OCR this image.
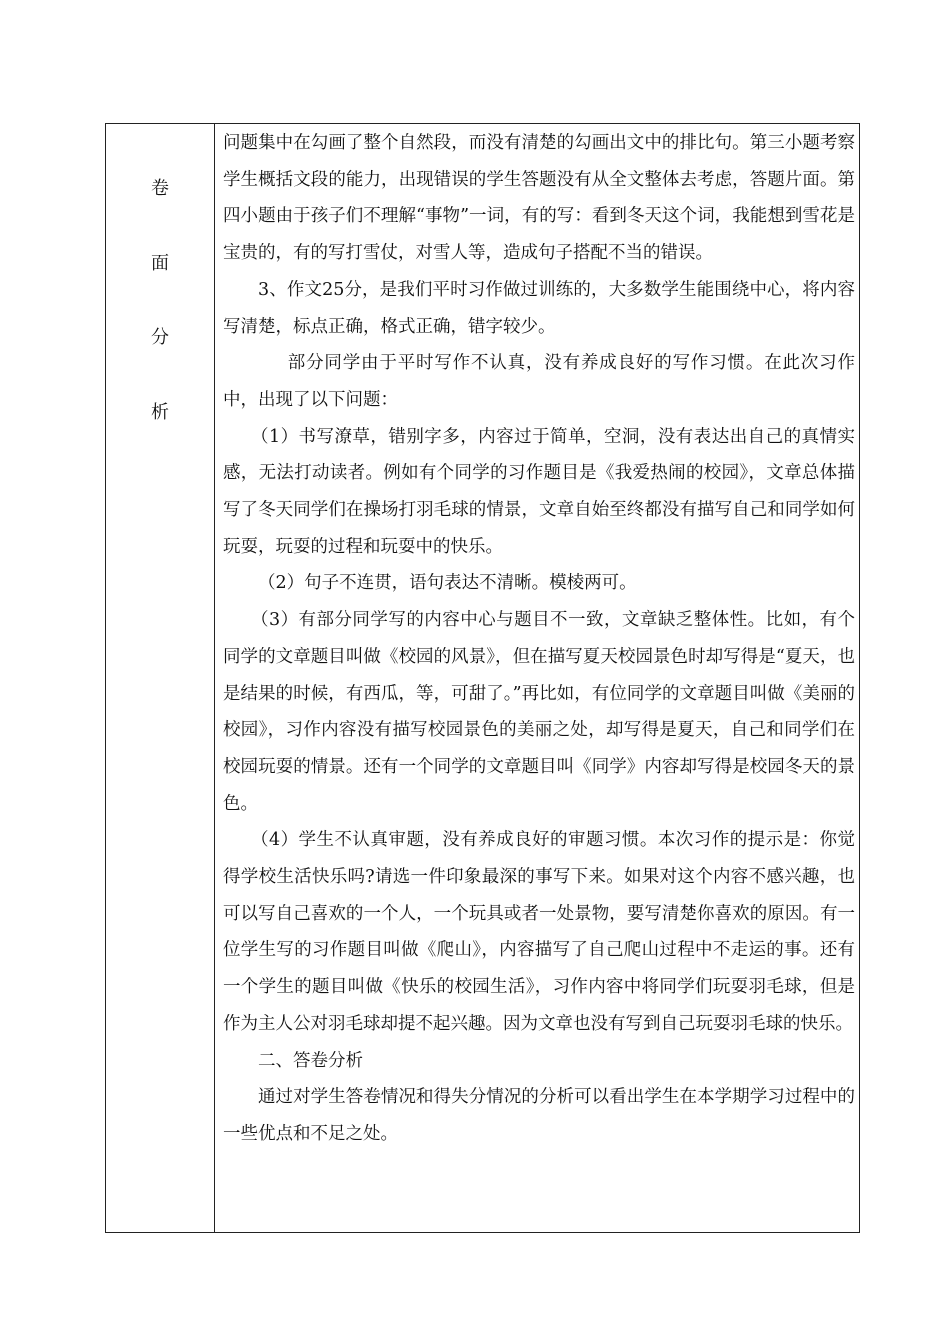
卷
面
分
析

问题集中在勾画了整个自然段，而没有清楚的勾画出文中的排比句。第三小题考察学生概括文段的能力，出现错误的学生答题没有从全文整体去考虑，答题片面。第四小题由于孩子们不理解“事物”一词，有的写：看到冬天这个词，我能想到雪花是宝贵的，有的写打雪仗，对雪人等，造成句子搭配不当的错误。

3、作文25分，是我们平时习作做过训练的，大多数学生能围绕中心，将内容写清楚，标点正确，格式正确，错字较少。

部分同学由于平时写作不认真，没有养成良好的写作习惯。在此次习作中，出现了以下问题：

（1）书写潦草，错别字多，内容过于简单，空洞，没有表达出自己的真情实感，无法打动读者。例如有个同学的习作题目是《我爱热闹的校园》，文章总体描写了冬天同学们在操场打羽毛球的情景，文章自始至终都没有描写自己和同学如何玩耍，玩耍的过程和玩耍中的快乐。

（2）句子不连贯，语句表达不清晰。模棱两可。

（3）有部分同学写的内容中心与题目不一致，文章缺乏整体性。比如，有个同学的文章题目叫做《校园的风景》，但在描写夏天校园景色时却写得是“夏天，也是结果的时候，有西瓜，等，可甜了。”再比如，有位同学的文章题目叫做《美丽的校园》，习作内容没有描写校园景色的美丽之处，却写得是夏天，自己和同学们在校园玩耍的情景。还有一个同学的文章题目叫《同学》内容却写得是校园冬天的景色。

（4）学生不认真审题，没有养成良好的审题习惯。本次习作的提示是：你觉得学校生活快乐吗?请选一件印象最深的事写下来。如果对这个内容不感兴趣，也可以写自己喜欢的一个人，一个玩具或者一处景物，要写清楚你喜欢的原因。有一位学生写的习作题目叫做《爬山》，内容描写了自己爬山过程中不走运的事。还有一个学生的题目叫做《快乐的校园生活》，习作内容中将同学们玩耍羽毛球，但是作为主人公对羽毛球却提不起兴趣。因为文章也没有写到自己玩耍羽毛球的快乐。

二、答卷分析

通过对学生答卷情况和得失分情况的分析可以看出学生在本学期学习过程中的一些优点和不足之处。
